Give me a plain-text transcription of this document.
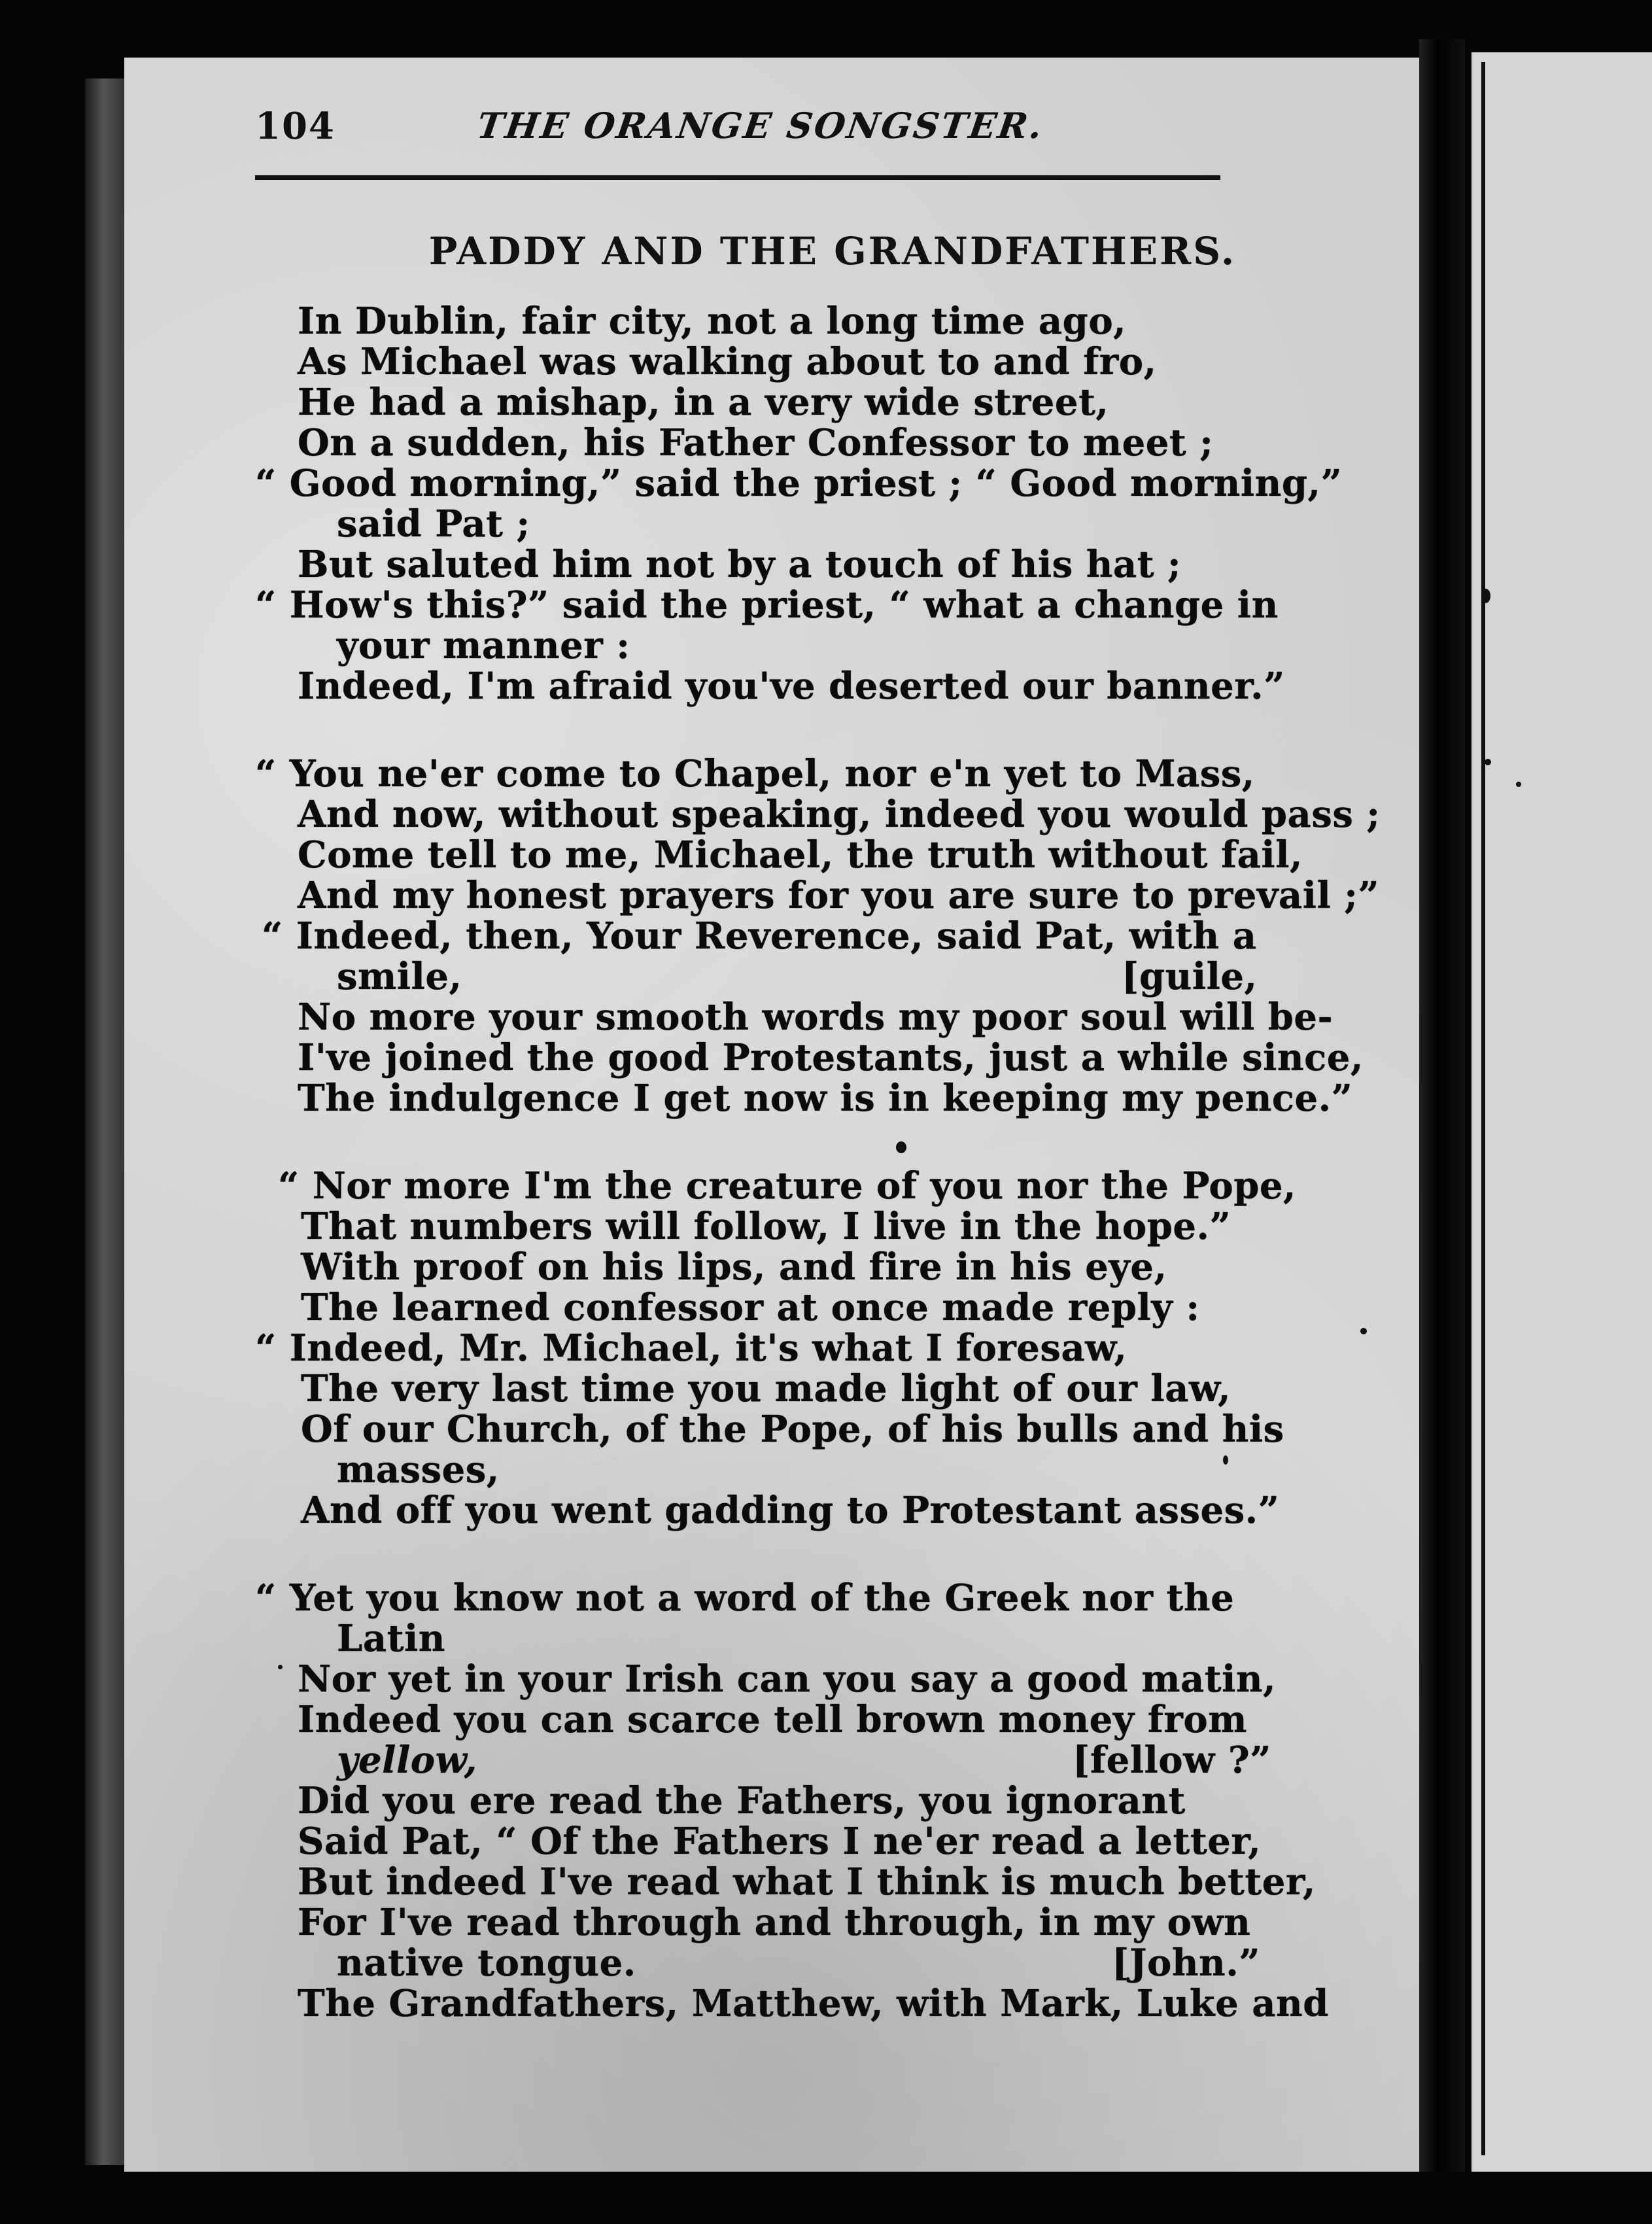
104	THE ORANGE SONGSTER.
PADDY AND THE GRANDFATHERS.
In Dublin, fair city, not a long time ago,
As Michael was walking about to and fro,
He had a mishap, in a very wide street,
On a sudden, his Father Confessor to meet ;
“ Good morning,” said the priest ; “ Good morning,”
said Pat ;
But saluted him not by a touch of his hat ;
“ How's this?” said the priest, “ what a change in
your manner :
Indeed, I'm afraid you've deserted our banner.”
“ You ne'er come to Chapel, nor e'n yet to Mass,
And now, without speaking, indeed you would pass ;
Come tell to me, Michael, the truth without fail,
And my honest prayers for you are sure to prevail ;”
“ Indeed, then, Your Reverence, said Pat, with a
smile,	[guile,
No more your smooth words my poor soul will be-
I've joined the good Protestants, just a while since,
The indulgence I get now is in keeping my pence.”
“ Nor more I'm the creature of you nor the Pope,
That numbers will follow, I live in the hope.”
With proof on his lips, and fire in his eye,
The learned confessor at once made reply :
“ Indeed, Mr. Michael, it's what I foresaw,
The very last time you made light of our law,
Of our Church, of the Pope, of his bulls and his
masses,
And off you went gadding to Protestant asses.”
“ Yet you know not a word of the Greek nor the
Latin
Nor yet in your Irish can you say a good matin,
Indeed you can scarce tell brown money from
yellow,	[fellow ?”
Did you ere read the Fathers, you ignorant
Said Pat, “ Of the Fathers I ne'er read a letter,
But indeed I've read what I think is much better,
For I've read through and through, in my own
native tongue.	[John.”
The Grandfathers, Matthew, with Mark, Luke and
